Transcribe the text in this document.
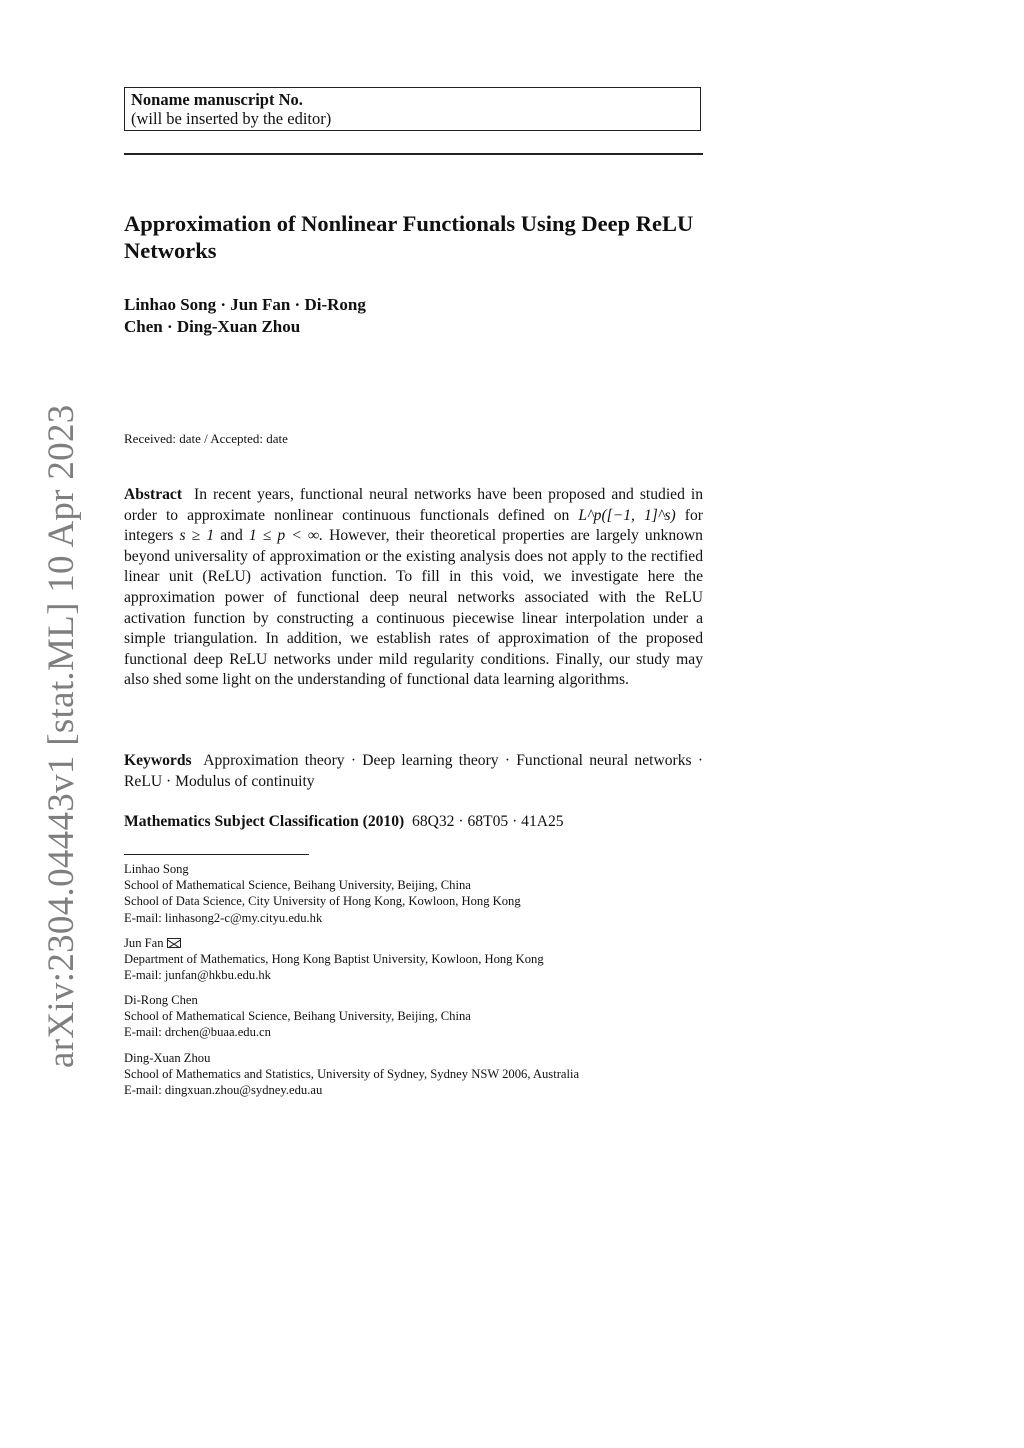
arXiv:2304.04443v1 [stat.ML] 10 Apr 2023
Noname manuscript No.
(will be inserted by the editor)
Approximation of Nonlinear Functionals Using Deep ReLU Networks
Linhao Song · Jun Fan · Di-Rong
Chen · Ding-Xuan Zhou
Received: date / Accepted: date
Abstract In recent years, functional neural networks have been proposed and studied in order to approximate nonlinear continuous functionals defined on L^p([−1, 1]^s) for integers s ≥ 1 and 1 ≤ p < ∞. However, their theoretical properties are largely unknown beyond universality of approximation or the existing analysis does not apply to the rectified linear unit (ReLU) activation function. To fill in this void, we investigate here the approximation power of functional deep neural networks associated with the ReLU activation function by constructing a continuous piecewise linear interpolation under a simple triangulation. In addition, we establish rates of approximation of the proposed functional deep ReLU networks under mild regularity conditions. Finally, our study may also shed some light on the understanding of functional data learning algorithms.
Keywords Approximation theory · Deep learning theory · Functional neural networks · ReLU · Modulus of continuity
Mathematics Subject Classification (2010) 68Q32 · 68T05 · 41A25
Linhao Song
School of Mathematical Science, Beihang University, Beijing, China
School of Data Science, City University of Hong Kong, Kowloon, Hong Kong
E-mail: linhasong2-c@my.cityu.edu.hk
Jun Fan
Department of Mathematics, Hong Kong Baptist University, Kowloon, Hong Kong
E-mail: junfan@hkbu.edu.hk
Di-Rong Chen
School of Mathematical Science, Beihang University, Beijing, China
E-mail: drchen@buaa.edu.cn
Ding-Xuan Zhou
School of Mathematics and Statistics, University of Sydney, Sydney NSW 2006, Australia
E-mail: dingxuan.zhou@sydney.edu.au
